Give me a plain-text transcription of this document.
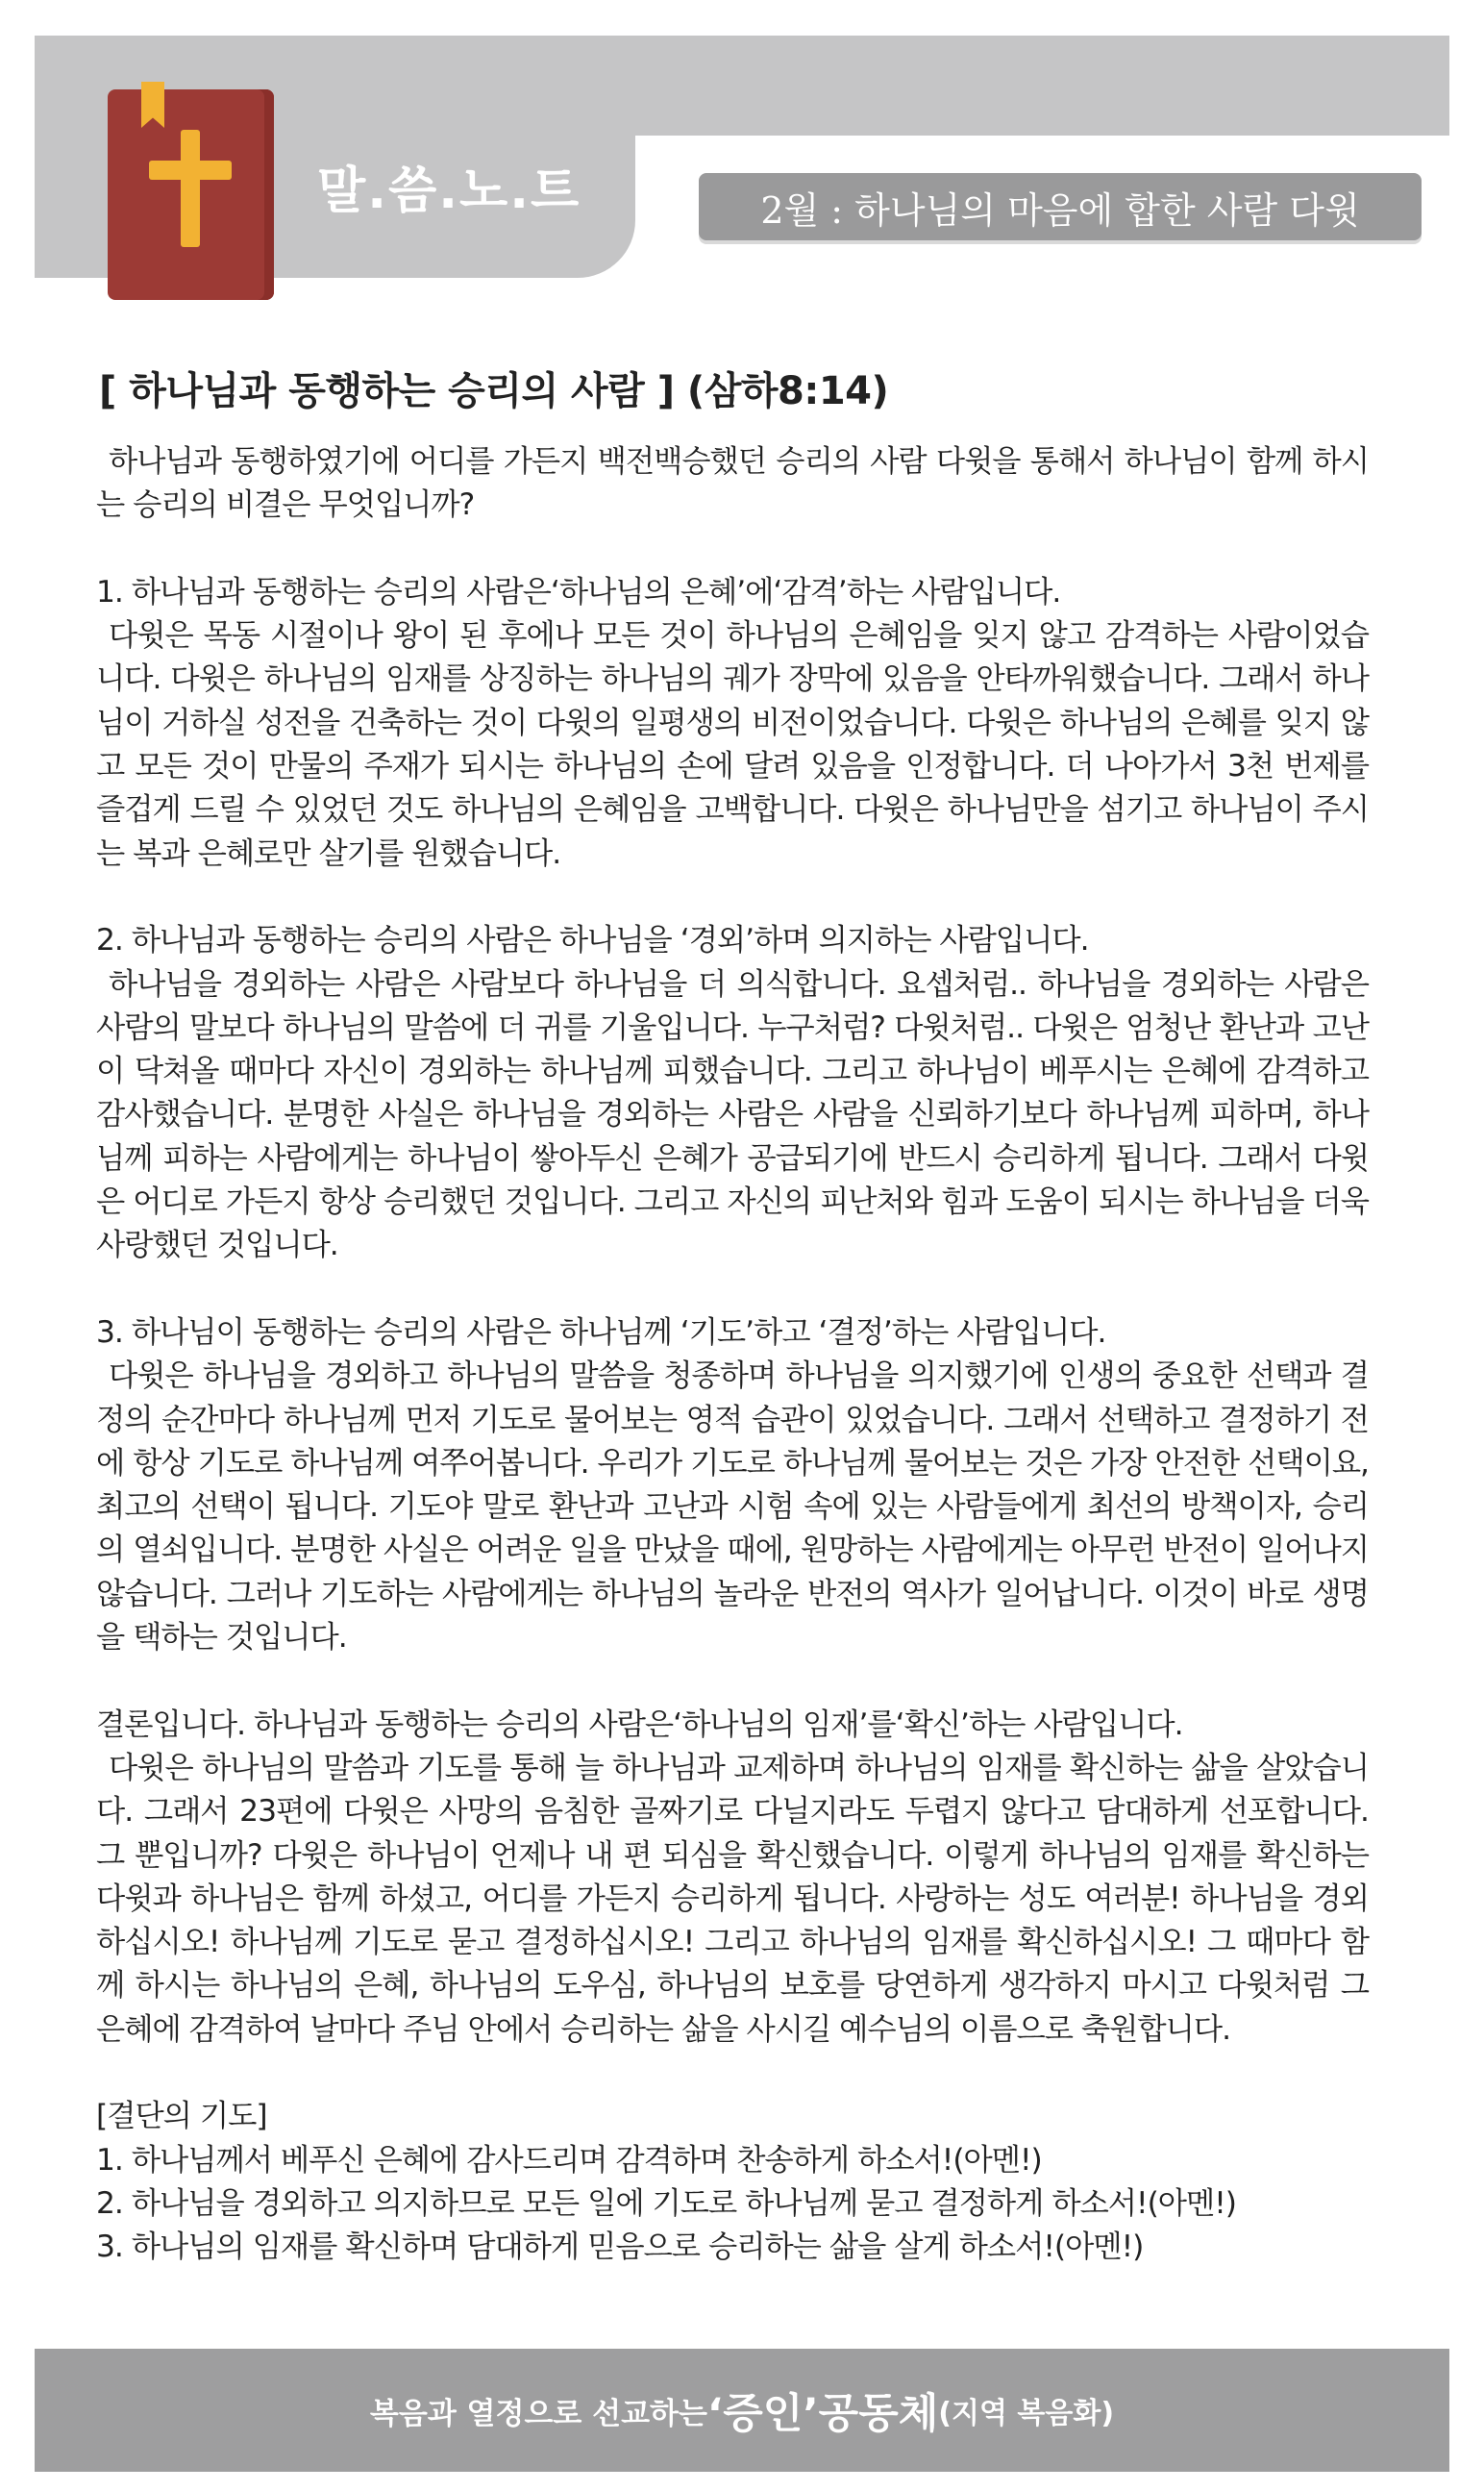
말.씀.노.트	2월 : 하나님의 마음에 합한 사람 다윗
[ 하나님과 동행하는 승리의 사람 ] (삼하8:14)

하나님과 동행하였기에 어디를 가든지 백전백승했던 승리의 사람 다윗을 통해서 하나님이 함께 하시는 승리의 비결은 무엇입니까?

1. 하나님과 동행하는 승리의 사람은‘하나님의 은혜’에‘감격’하는 사람입니다.

다윗은 목동 시절이나 왕이 된 후에나 모든 것이 하나님의 은혜임을 잊지 않고 감격하는 사람이었습니다. 다윗은 하나님의 임재를 상징하는 하나님의 궤가 장막에 있음을 안타까워했습니다. 그래서 하나님이 거하실 성전을 건축하는 것이 다윗의 일평생의 비전이었습니다. 다윗은 하나님의 은혜를 잊지 않고 모든 것이 만물의 주재가 되시는 하나님의 손에 달려 있음을 인정합니다. 더 나아가서 3천 번제를 즐겁게 드릴 수 있었던 것도 하나님의 은혜임을 고백합니다. 다윗은 하나님만을 섬기고 하나님이 주시는 복과 은혜로만 살기를 원했습니다.

2. 하나님과 동행하는 승리의 사람은 하나님을 ‘경외’하며 의지하는 사람입니다.

하나님을 경외하는 사람은 사람보다 하나님을 더 의식합니다. 요셉처럼.. 하나님을 경외하는 사람은 사람의 말보다 하나님의 말씀에 더 귀를 기울입니다. 누구처럼? 다윗처럼.. 다윗은 엄청난 환난과 고난이 닥쳐올 때마다 자신이 경외하는 하나님께 피했습니다. 그리고 하나님이 베푸시는 은혜에 감격하고 감사했습니다. 분명한 사실은 하나님을 경외하는 사람은 사람을 신뢰하기보다 하나님께 피하며, 하나님께 피하는 사람에게는 하나님이 쌓아두신 은혜가 공급되기에 반드시 승리하게 됩니다. 그래서 다윗은 어디로 가든지 항상 승리했던 것입니다. 그리고 자신의 피난처와 힘과 도움이 되시는 하나님을 더욱 사랑했던 것입니다.

3. 하나님이 동행하는 승리의 사람은 하나님께 ‘기도’하고 ‘결정’하는 사람입니다.

다윗은 하나님을 경외하고 하나님의 말씀을 청종하며 하나님을 의지했기에 인생의 중요한 선택과 결정의 순간마다 하나님께 먼저 기도로 물어보는 영적 습관이 있었습니다. 그래서 선택하고 결정하기 전에 항상 기도로 하나님께 여쭈어봅니다. 우리가 기도로 하나님께 물어보는 것은 가장 안전한 선택이요, 최고의 선택이 됩니다. 기도야 말로 환난과 고난과 시험 속에 있는 사람들에게 최선의 방책이자, 승리의 열쇠입니다. 분명한 사실은 어려운 일을 만났을 때에, 원망하는 사람에게는 아무런 반전이 일어나지 않습니다. 그러나 기도하는 사람에게는 하나님의 놀라운 반전의 역사가 일어납니다. 이것이 바로 생명을 택하는 것입니다.

결론입니다. 하나님과 동행하는 승리의 사람은‘하나님의 임재’를‘확신’하는 사람입니다.

다윗은 하나님의 말씀과 기도를 통해 늘 하나님과 교제하며 하나님의 임재를 확신하는 삶을 살았습니다. 그래서 23편에 다윗은 사망의 음침한 골짜기로 다닐지라도 두렵지 않다고 담대하게 선포합니다. 그 뿐입니까? 다윗은 하나님이 언제나 내 편 되심을 확신했습니다. 이렇게 하나님의 임재를 확신하는 다윗과 하나님은 함께 하셨고, 어디를 가든지 승리하게 됩니다. 사랑하는 성도 여러분! 하나님을 경외하십시오! 하나님께 기도로 묻고 결정하십시오! 그리고 하나님의 임재를 확신하십시오! 그 때마다 함께 하시는 하나님의 은혜, 하나님의 도우심, 하나님의 보호를 당연하게 생각하지 마시고 다윗처럼 그 은혜에 감격하여 날마다 주님 안에서 승리하는 삶을 사시길 예수님의 이름으로 축원합니다.

[결단의 기도]

1. 하나님께서 베푸신 은혜에 감사드리며 감격하며 찬송하게 하소서!(아멘!)

2. 하나님을 경외하고 의지하므로 모든 일에 기도로 하나님께 묻고 결정하게 하소서!(아멘!)

3. 하나님의 임재를 확신하며 담대하게 믿음으로 승리하는 삶을 살게 하소서!(아멘!)

복음과 열정으로 선교하는 ‘증인’공동체 (지역 복음화)
